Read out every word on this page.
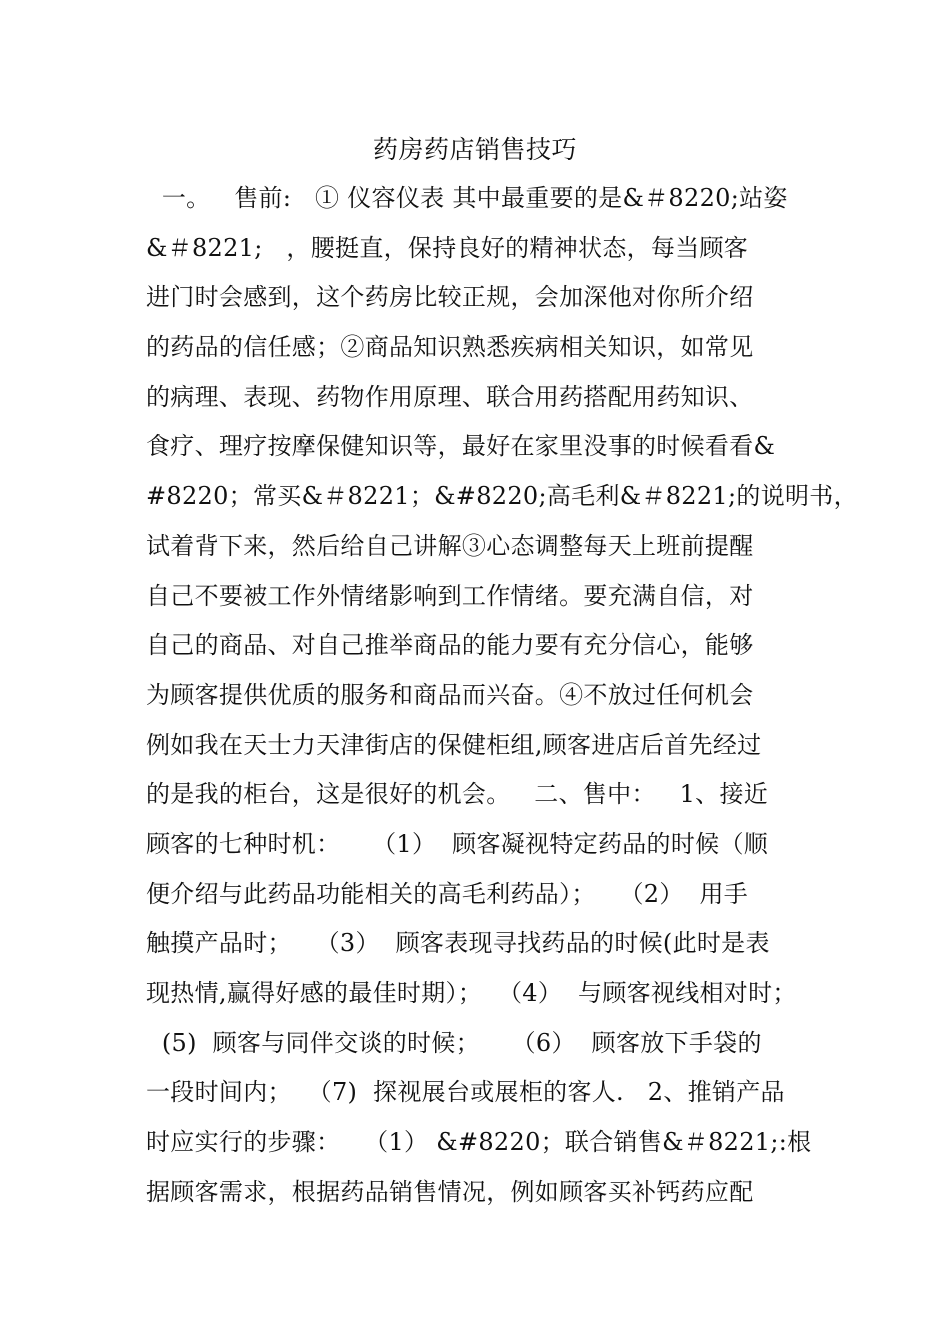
药房药店销售技巧
一。   售前:   ① 仪容仪表 其中最重要的是&＃8220;站姿
&＃8221;   ，腰挺直，保持良好的精神状态，每当顾客
进门时会感到，这个药房比较正规，会加深他对你所介绍
的药品的信任感；②商品知识熟悉疾病相关知识，如常见
的病理、表现、药物作用原理、联合用药搭配用药知识、
食疗、理疗按摩保健知识等，最好在家里没事的时候看看&
#8220；常买&＃8221；&#8220;高毛利&＃8221;的说明书，
试着背下来，然后给自己讲解③心态调整每天上班前提醒
自己不要被工作外情绪影响到工作情绪。要充满自信，对
自己的商品、对自己推举商品的能力要有充分信心，能够
为顾客提供优质的服务和商品而兴奋。④不放过任何机会
例如我在天士力天津街店的保健柜组,顾客进店后首先经过
的是我的柜台，这是很好的机会。   二、售中：   1、接近
顾客的七种时机：    （1）  顾客凝视特定药品的时候（顺
便介绍与此药品功能相关的高毛利药品）；   （2）  用手
触摸产品时；   （3）  顾客表现寻找药品的时候(此时是表
现热情,赢得好感的最佳时期）；  （4）  与顾客视线相对时；
(5)  顾客与同伴交谈的时候；    （6）  顾客放下手袋的
一段时间内；  （7)  探视展台或展柜的客人.   2、推销产品
时应实行的步骤：   （1） &#8220；联合销售&＃8221;:根
据顾客需求，根据药品销售情况，例如顾客买补钙药应配
